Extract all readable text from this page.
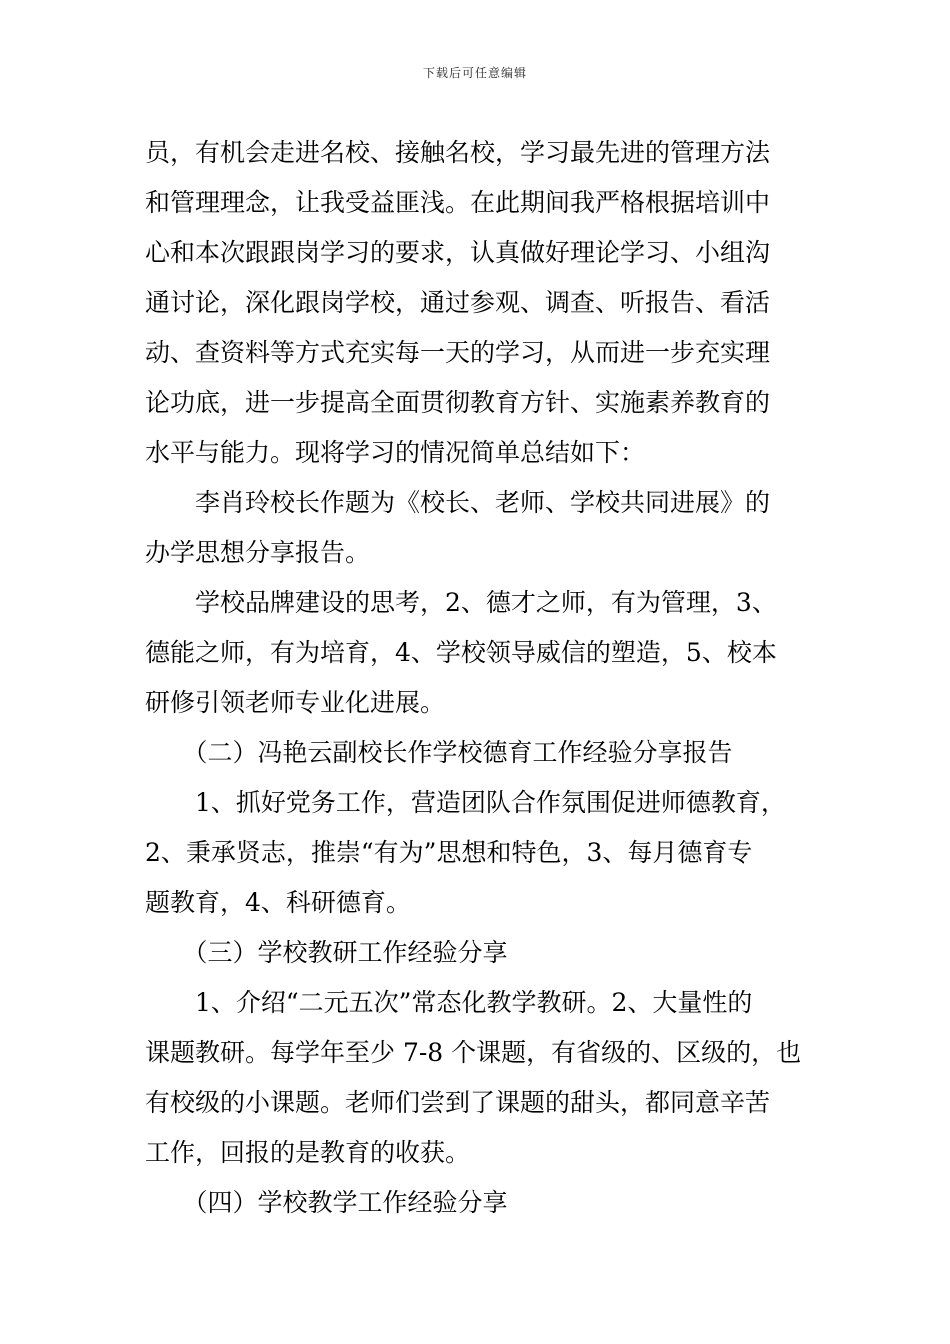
下载后可任意编辑
员，有机会走进名校、接触名校，学习最先进的管理方法
和管理理念，让我受益匪浅。在此期间我严格根据培训中
心和本次跟跟岗学习的要求，认真做好理论学习、小组沟
通讨论，深化跟岗学校，通过参观、调查、听报告、看活
动、查资料等方式充实每一天的学习，从而进一步充实理
论功底，进一步提高全面贯彻教育方针、实施素养教育的
水平与能力。现将学习的情况简单总结如下：
李肖玲校长作题为《校长、老师、学校共同进展》的
办学思想分享报告。
学校品牌建设的思考，2、德才之师，有为管理，3、
德能之师，有为培育，4、学校领导威信的塑造，5、校本
研修引领老师专业化进展。
（二）冯艳云副校长作学校德育工作经验分享报告
1、抓好党务工作，营造团队合作氛围促进师德教育，
2、秉承贤志，推崇“有为”思想和特色，3、每月德育专
题教育，4、科研德育。
（三）学校教研工作经验分享
1、介绍“二元五次”常态化教学教研。2、大量性的
课题教研。每学年至少 7-8 个课题，有省级的、区级的，也
有校级的小课题。老师们尝到了课题的甜头，都同意辛苦
工作，回报的是教育的收获。
（四）学校教学工作经验分享
